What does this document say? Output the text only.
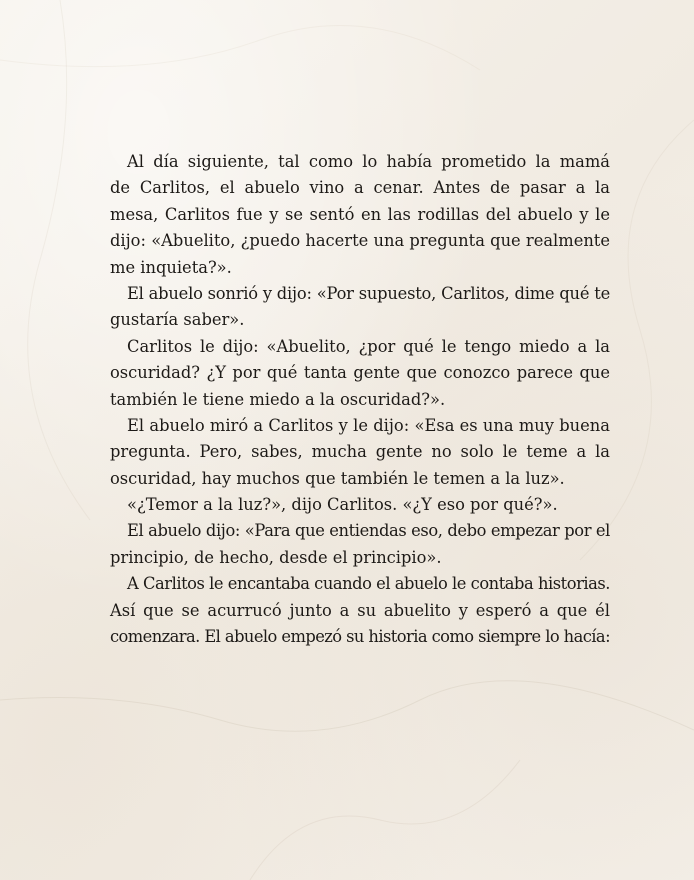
Al día siguiente, tal como lo había prometido la mamá
de Carlitos, el abuelo vino a cenar. Antes de pasar a la
mesa, Carlitos fue y se sentó en las rodillas del abuelo y le
dijo: «Abuelito, ¿puedo hacerte una pregunta que realmente
me inquieta?».
El abuelo sonrió y dijo: «Por supuesto, Carlitos, dime qué te
gustaría saber».
Carlitos le dijo: «Abuelito, ¿por qué le tengo miedo a la
oscuridad? ¿Y por qué tanta gente que conozco parece que
también le tiene miedo a la oscuridad?».
El abuelo miró a Carlitos y le dijo: «Esa es una muy buena
pregunta. Pero, sabes, mucha gente no solo le teme a la
oscuridad, hay muchos que también le temen a la luz».
«¿Temor a la luz?», dijo Carlitos. «¿Y eso por qué?».
El abuelo dijo: «Para que entiendas eso, debo empezar por el
principio, de hecho, desde el principio».
A Carlitos le encantaba cuando el abuelo le contaba historias.
Así que se acurrucó junto a su abuelito y esperó a que él
comenzara. El abuelo empezó su historia como siempre lo hacía:
